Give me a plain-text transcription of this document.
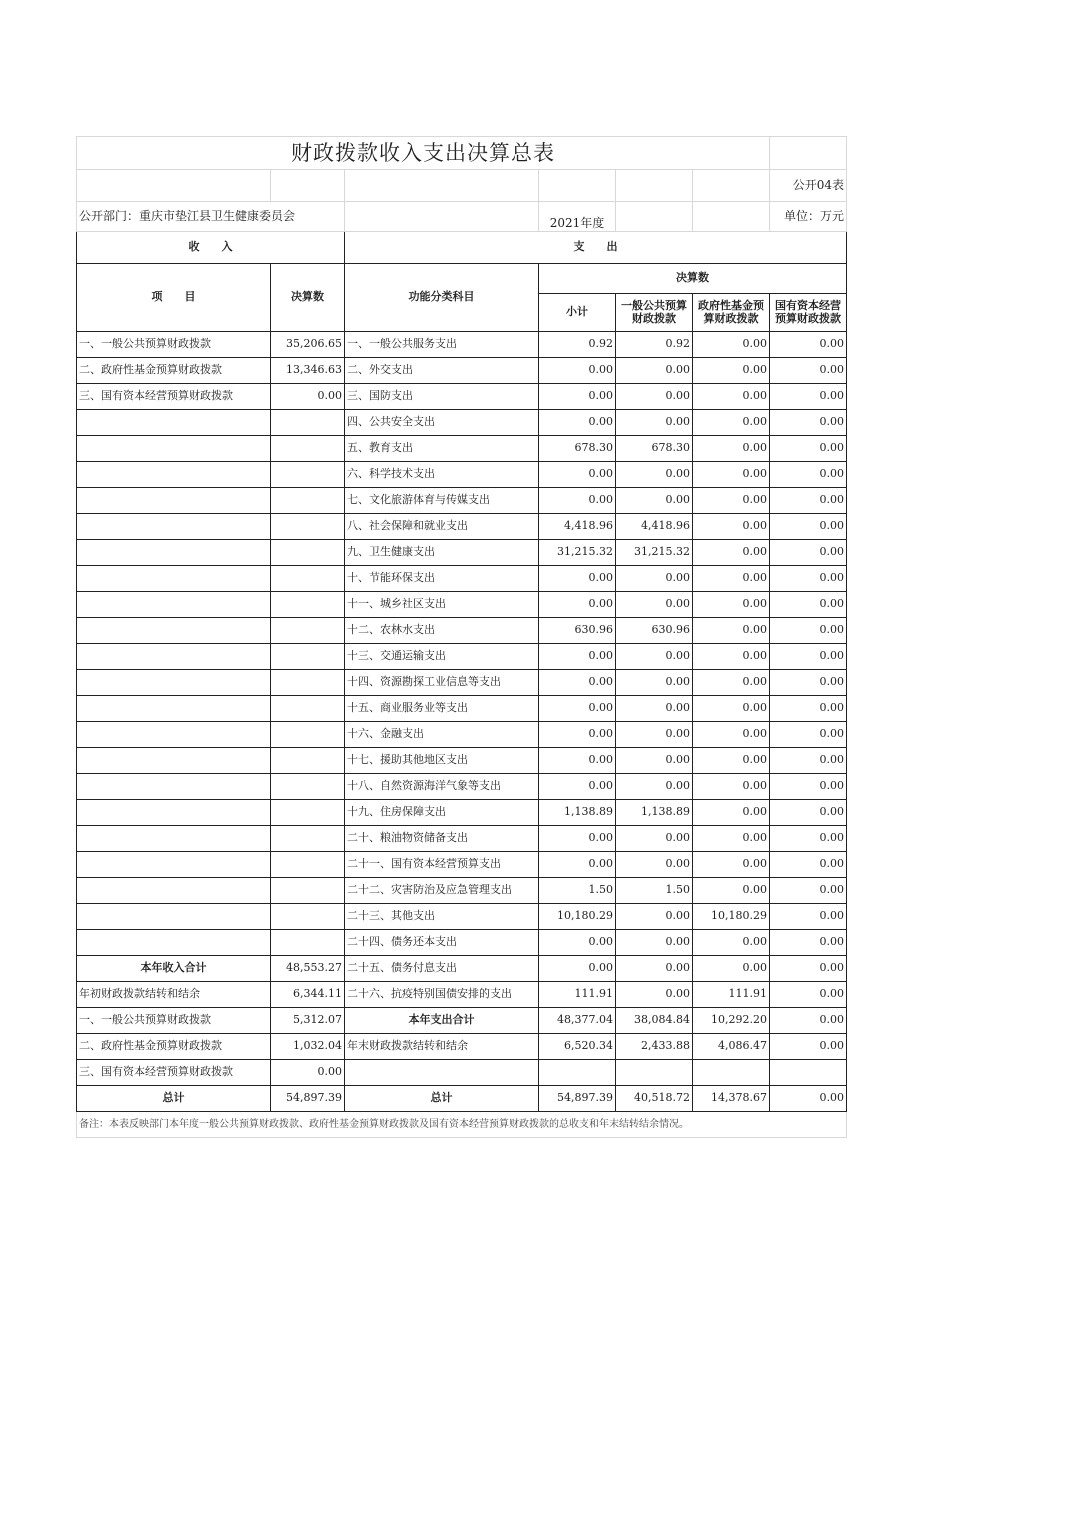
财政拨款收入支出决算总表						
						公开04表
公开部门：重庆市垫江县卫生健康委员会			2021年度			单位：万元
收　　入		支　　出				
项　　目	决算数	功能分类科目	决算数			
			小计	一般公共预算财政拨款	政府性基金预算财政拨款	国有资本经营预算财政拨款
一、一般公共预算财政拨款	35,206.65	一、一般公共服务支出	0.92	0.92	0.00	0.00
二、政府性基金预算财政拨款	13,346.63	二、外交支出	0.00	0.00	0.00	0.00
三、国有资本经营预算财政拨款	0.00	三、国防支出	0.00	0.00	0.00	0.00
		四、公共安全支出	0.00	0.00	0.00	0.00
		五、教育支出	678.30	678.30	0.00	0.00
		六、科学技术支出	0.00	0.00	0.00	0.00
		七、文化旅游体育与传媒支出	0.00	0.00	0.00	0.00
		八、社会保障和就业支出	4,418.96	4,418.96	0.00	0.00
		九、卫生健康支出	31,215.32	31,215.32	0.00	0.00
		十、节能环保支出	0.00	0.00	0.00	0.00
		十一、城乡社区支出	0.00	0.00	0.00	0.00
		十二、农林水支出	630.96	630.96	0.00	0.00
		十三、交通运输支出	0.00	0.00	0.00	0.00
		十四、资源勘探工业信息等支出	0.00	0.00	0.00	0.00
		十五、商业服务业等支出	0.00	0.00	0.00	0.00
		十六、金融支出	0.00	0.00	0.00	0.00
		十七、援助其他地区支出	0.00	0.00	0.00	0.00
		十八、自然资源海洋气象等支出	0.00	0.00	0.00	0.00
		十九、住房保障支出	1,138.89	1,138.89	0.00	0.00
		二十、粮油物资储备支出	0.00	0.00	0.00	0.00
		二十一、国有资本经营预算支出	0.00	0.00	0.00	0.00
		二十二、灾害防治及应急管理支出	1.50	1.50	0.00	0.00
		二十三、其他支出	10,180.29	0.00	10,180.29	0.00
		二十四、债务还本支出	0.00	0.00	0.00	0.00
本年收入合计	48,553.27	二十五、债务付息支出	0.00	0.00	0.00	0.00
年初财政拨款结转和结余	6,344.11	二十六、抗疫特别国债安排的支出	111.91	0.00	111.91	0.00
一、一般公共预算财政拨款	5,312.07	本年支出合计	48,377.04	38,084.84	10,292.20	0.00
二、政府性基金预算财政拨款	1,032.04	年末财政拨款结转和结余	6,520.34	2,433.88	4,086.47	0.00
三、国有资本经营预算财政拨款	0.00					
总计	54,897.39	总计	54,897.39	40,518.72	14,378.67	0.00
备注：本表反映部门本年度一般公共预算财政拨款、政府性基金预算财政拨款及国有资本经营预算财政拨款的总收支和年末结转结余情况。						
